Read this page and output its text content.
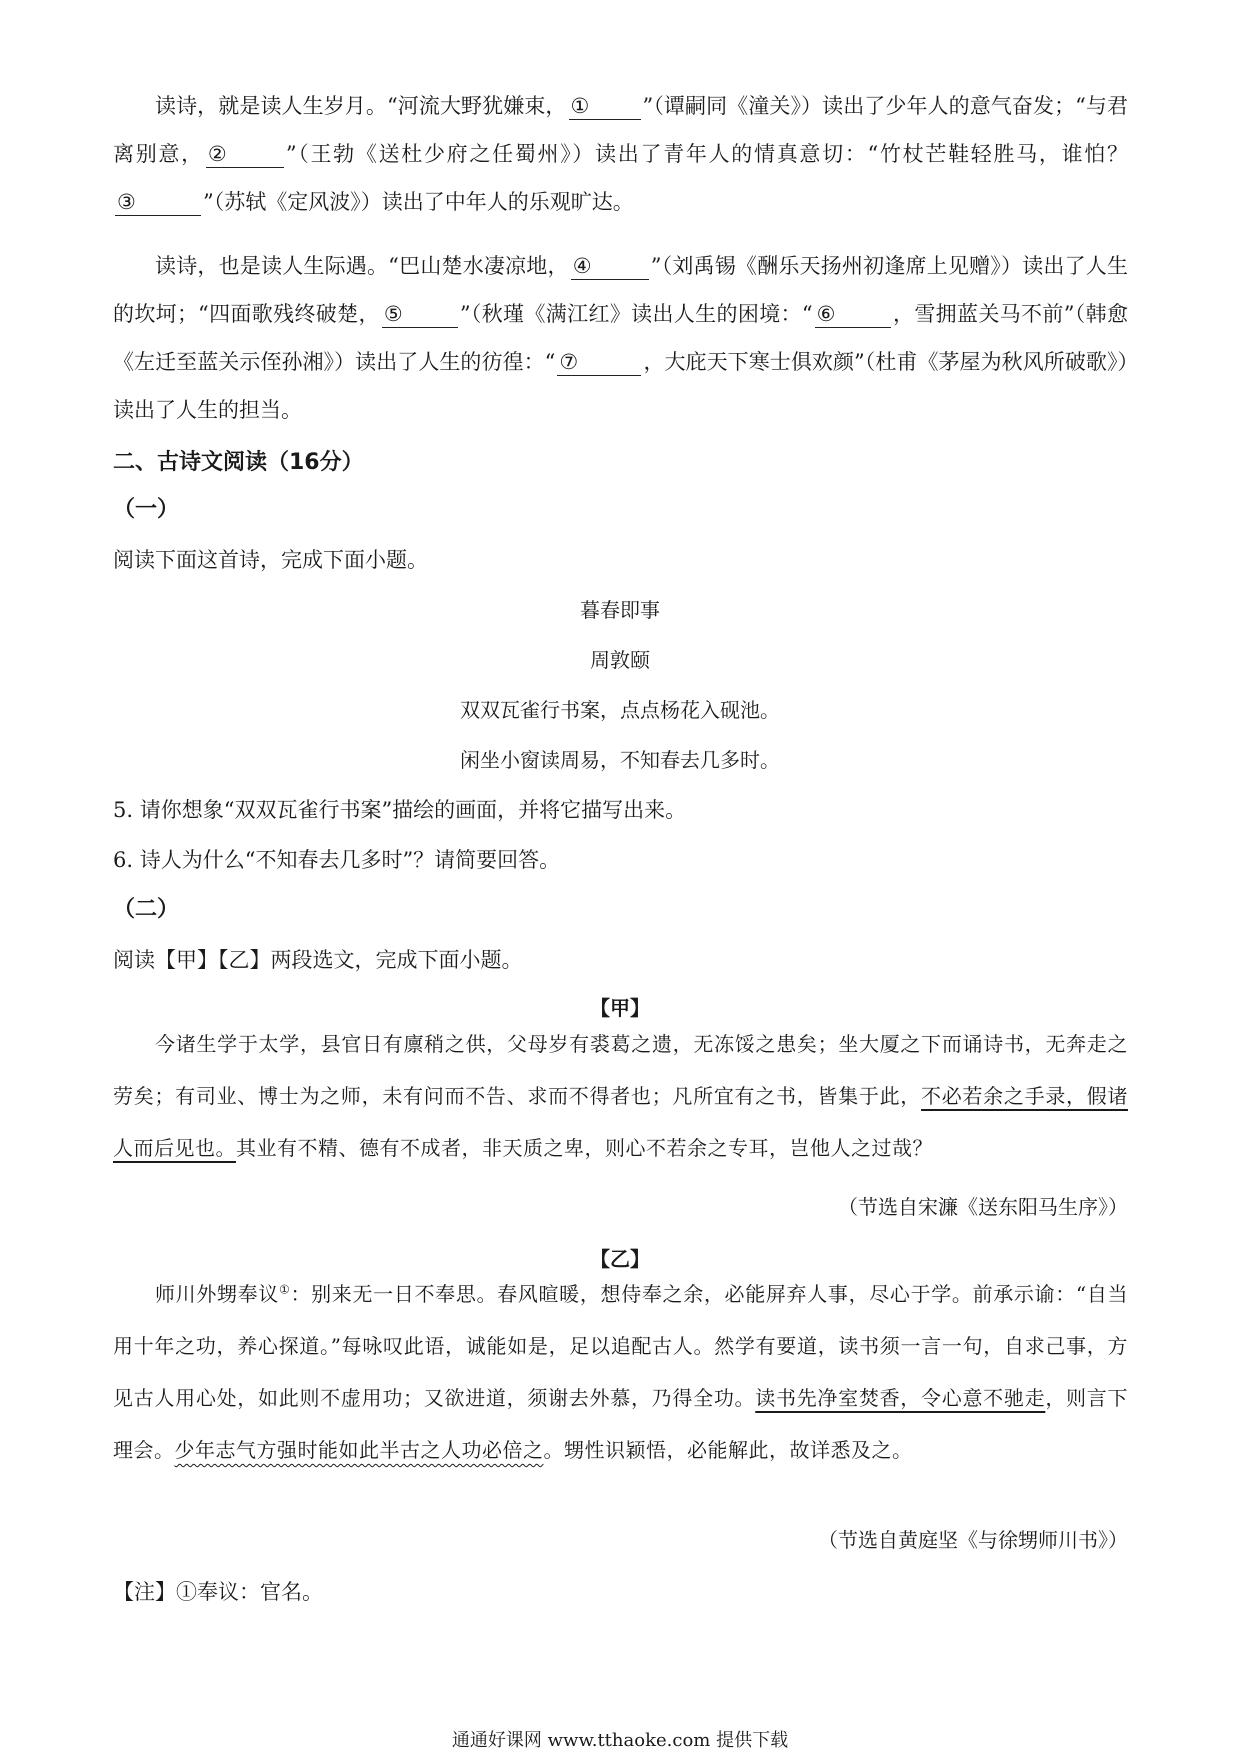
读诗，就是读人生岁月。“河流大野犹嫌束， ①	”（谭嗣同《潼关》）读出了少年人的意气奋发；“与君离别意， ②	”（王勃《送杜少府之任蜀州》）读出了青年人的情真意切：“竹杖芒鞋轻胜马，谁怕？③	”（苏轼《定风波》）读出了中年人的乐观旷达。

读诗，也是读人生际遇。“巴山楚水凄凉地， ④	”（刘禹锡《酬乐天扬州初逢席上见赠》）读出了人生的坎坷；“四面歌残终破楚， ⑤	”（秋瑾《满江红》读出人生的困境：“ ⑥	，雪拥蓝关马不前”（韩愈《左迁至蓝关示侄孙湘》）读出了人生的彷徨：“ ⑦	，大庇天下寒士俱欢颜”（杜甫《茅屋为秋风所破歌》）读出了人生的担当。

二、古诗文阅读（16分）
（一）
阅读下面这首诗，完成下面小题。
暮春即事
周敦颐
双双瓦雀行书案，点点杨花入砚池。
闲坐小窗读周易，不知春去几多时。
5. 请你想象“双双瓦雀行书案”描绘的画面，并将它描写出来。
6. 诗人为什么“不知春去几多时”？请简要回答。
（二）
阅读【甲】【乙】两段选文，完成下面小题。
【甲】

今诸生学于太学，县官日有廪稍之供，父母岁有裘葛之遗，无冻馁之患矣；坐大厦之下而诵诗书，无奔走之劳矣；有司业、博士为之师，未有问而不告、求而不得者也；凡所宜有之书，皆集于此，不必若余之手录，假诸人而后见也。其业有不精、德有不成者，非天质之卑，则心不若余之专耳，岂他人之过哉？

（节选自宋濂《送东阳马生序》）
【乙】

师川外甥奉议①：别来无一日不奉思。春风暄暖，想侍奉之余，必能屏弃人事，尽心于学。前承示谕：“自当用十年之功，养心探道。”每咏叹此语，诚能如是，足以追配古人。然学有要道，读书须一言一句，自求己事，方见古人用心处，如此则不虚用功；又欲进道，须谢去外慕，乃得全功。读书先净室焚香，令心意不驰走，则言下理会。少年志气方强时能如此半古之人功必倍之。甥性识颖悟，必能解此，故详悉及之。

（节选自黄庭坚《与徐甥师川书》）
【注】①奉议：官名。
通通好课网 www.tthaoke.com 提供下载
